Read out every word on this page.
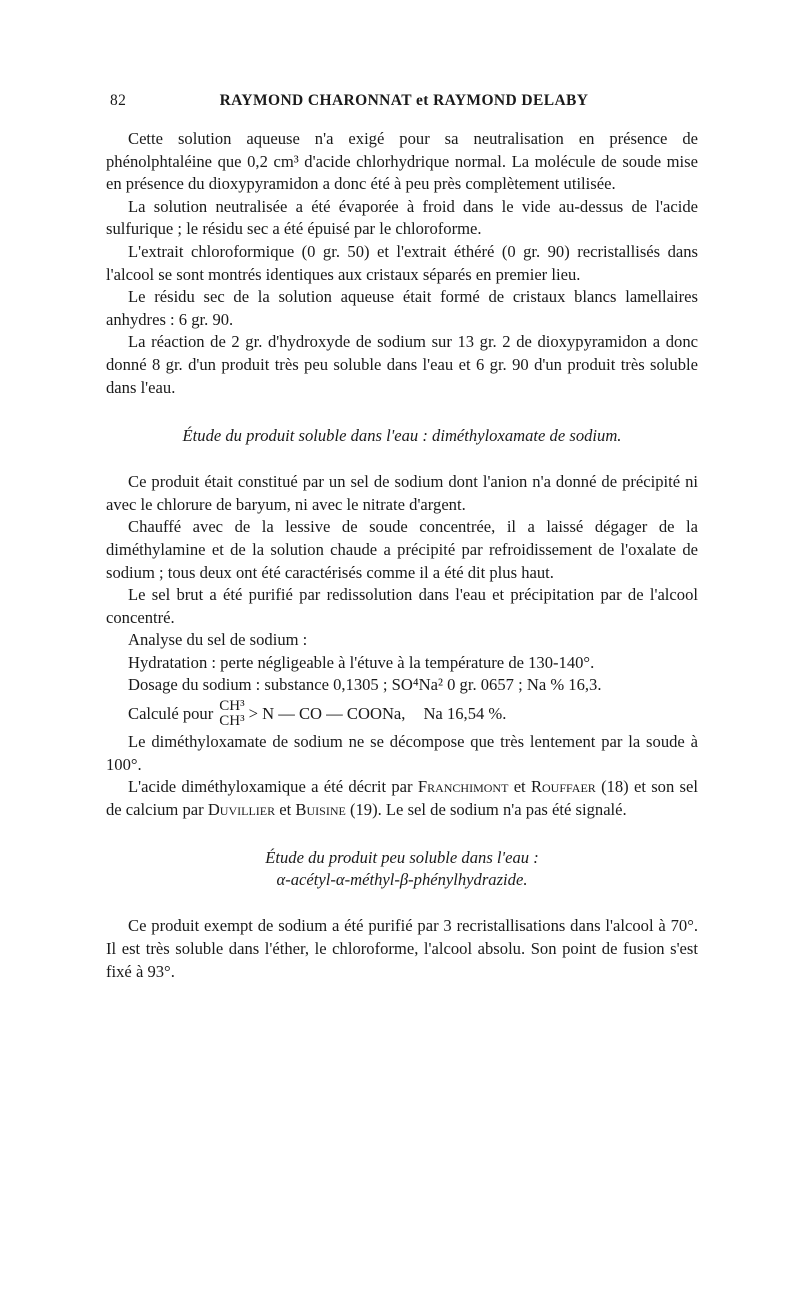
82	RAYMOND CHARONNAT et RAYMOND DELABY

Cette solution aqueuse n'a exigé pour sa neutralisation en présence de phénolphtaléine que 0,2 cm³ d'acide chlorhydrique normal. La molécule de soude mise en présence du dioxypyramidon a donc été à peu près complètement utilisée.

La solution neutralisée a été évaporée à froid dans le vide au-dessus de l'acide sulfurique ; le résidu sec a été épuisé par le chloroforme.

L'extrait chloroformique (0 gr. 50) et l'extrait éthéré (0 gr. 90) recristallisés dans l'alcool se sont montrés identiques aux cristaux séparés en premier lieu.

Le résidu sec de la solution aqueuse était formé de cristaux blancs lamellaires anhydres : 6 gr. 90.

La réaction de 2 gr. d'hydroxyde de sodium sur 13 gr. 2 de dioxypyramidon a donc donné 8 gr. d'un produit très peu soluble dans l'eau et 6 gr. 90 d'un produit très soluble dans l'eau.

Étude du produit soluble dans l'eau : diméthyloxamate de sodium.

Ce produit était constitué par un sel de sodium dont l'anion n'a donné de précipité ni avec le chlorure de baryum, ni avec le nitrate d'argent.

Chauffé avec de la lessive de soude concentrée, il a laissé dégager de la diméthylamine et de la solution chaude a précipité par refroidissement de l'oxalate de sodium ; tous deux ont été caractérisés comme il a été dit plus haut.

Le sel brut a été purifié par redissolution dans l'eau et précipitation par de l'alcool concentré.

Analyse du sel de sodium :

Hydratation : perte négligeable à l'étuve à la température de 130-140°.

Dosage du sodium : substance 0,1305 ; SO⁴Na² 0 gr. 0657 ; Na % 16,3.

Calculé pour CH³
CH³ > N — CO — COONa, Na 16,54 %.

Le diméthyloxamate de sodium ne se décompose que très lentement par la soude à 100°.

L'acide diméthyloxamique a été décrit par Franchimont et Rouffaer (18) et son sel de calcium par Duvillier et Buisine (19). Le sel de sodium n'a pas été signalé.

Étude du produit peu soluble dans l'eau :
α-acétyl-α-méthyl-β-phénylhydrazide.

Ce produit exempt de sodium a été purifié par 3 recristallisations dans l'alcool à 70°. Il est très soluble dans l'éther, le chloroforme, l'alcool absolu. Son point de fusion s'est fixé à 93°.
